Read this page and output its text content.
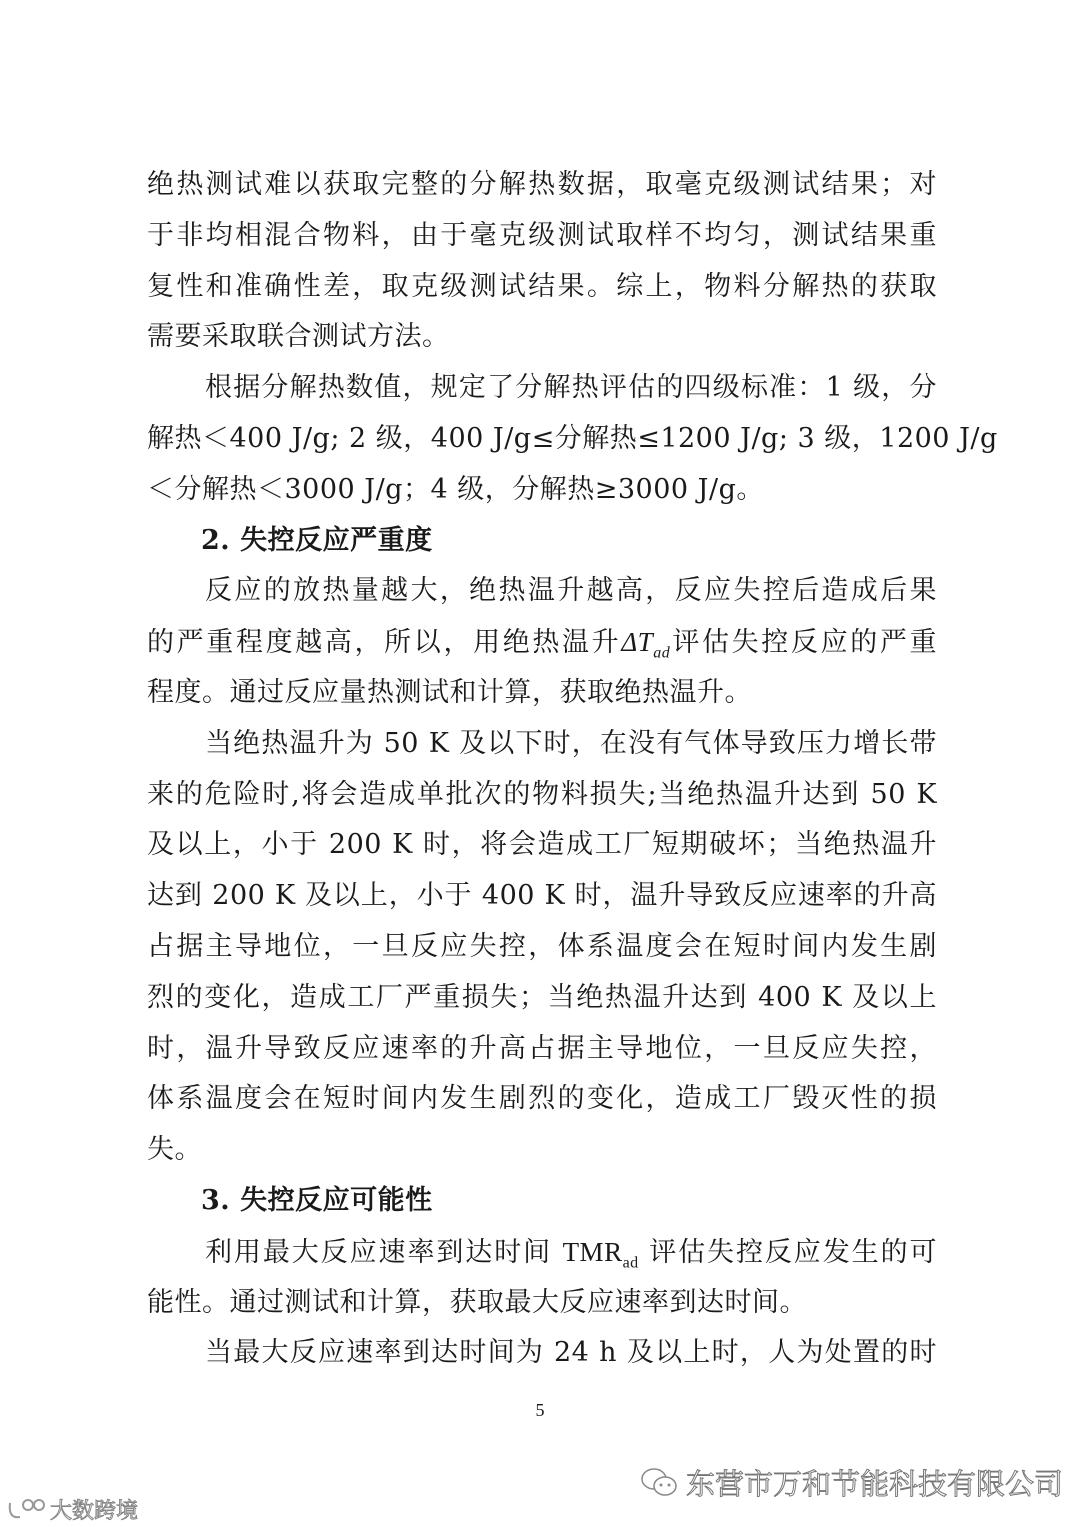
绝热测试难以获取完整的分解热数据，取毫克级测试结果；对
于非均相混合物料，由于毫克级测试取样不均匀，测试结果重
复性和准确性差，取克级测试结果。综上，物料分解热的获取
需要采取联合测试方法。
根据分解热数值，规定了分解热评估的四级标准：1 级，分
解热＜400 J/g; 2 级，400 J/g≤分解热≤1200 J/g; 3 级，1200 J/g
＜分解热＜3000 J/g；4 级，分解热≥3000 J/g。
2. 失控反应严重度
反应的放热量越大，绝热温升越高，反应失控后造成后果
的严重程度越高，所以，用绝热温升$\Delta T_{ad}$评估失控反应的严重
程度。通过反应量热测试和计算，获取绝热温升。
当绝热温升为 50 K 及以下时，在没有气体导致压力增长带
来的危险时,将会造成单批次的物料损失;当绝热温升达到 50 K
及以上，小于 200 K 时，将会造成工厂短期破坏；当绝热温升
达到 200 K 及以上，小于 400 K 时，温升导致反应速率的升高
占据主导地位，一旦反应失控，体系温度会在短时间内发生剧
烈的变化，造成工厂严重损失；当绝热温升达到 400 K 及以上
时，温升导致反应速率的升高占据主导地位，一旦反应失控，
体系温度会在短时间内发生剧烈的变化，造成工厂毁灭性的损
失。
3. 失控反应可能性
利用最大反应速率到达时间 $TMR_{ad}$ 评估失控反应发生的可
能性。通过测试和计算，获取最大反应速率到达时间。
当最大反应速率到达时间为 24 h 及以上时，人为处置的时
5
东营市万和节能科技有限公司
大数跨境
